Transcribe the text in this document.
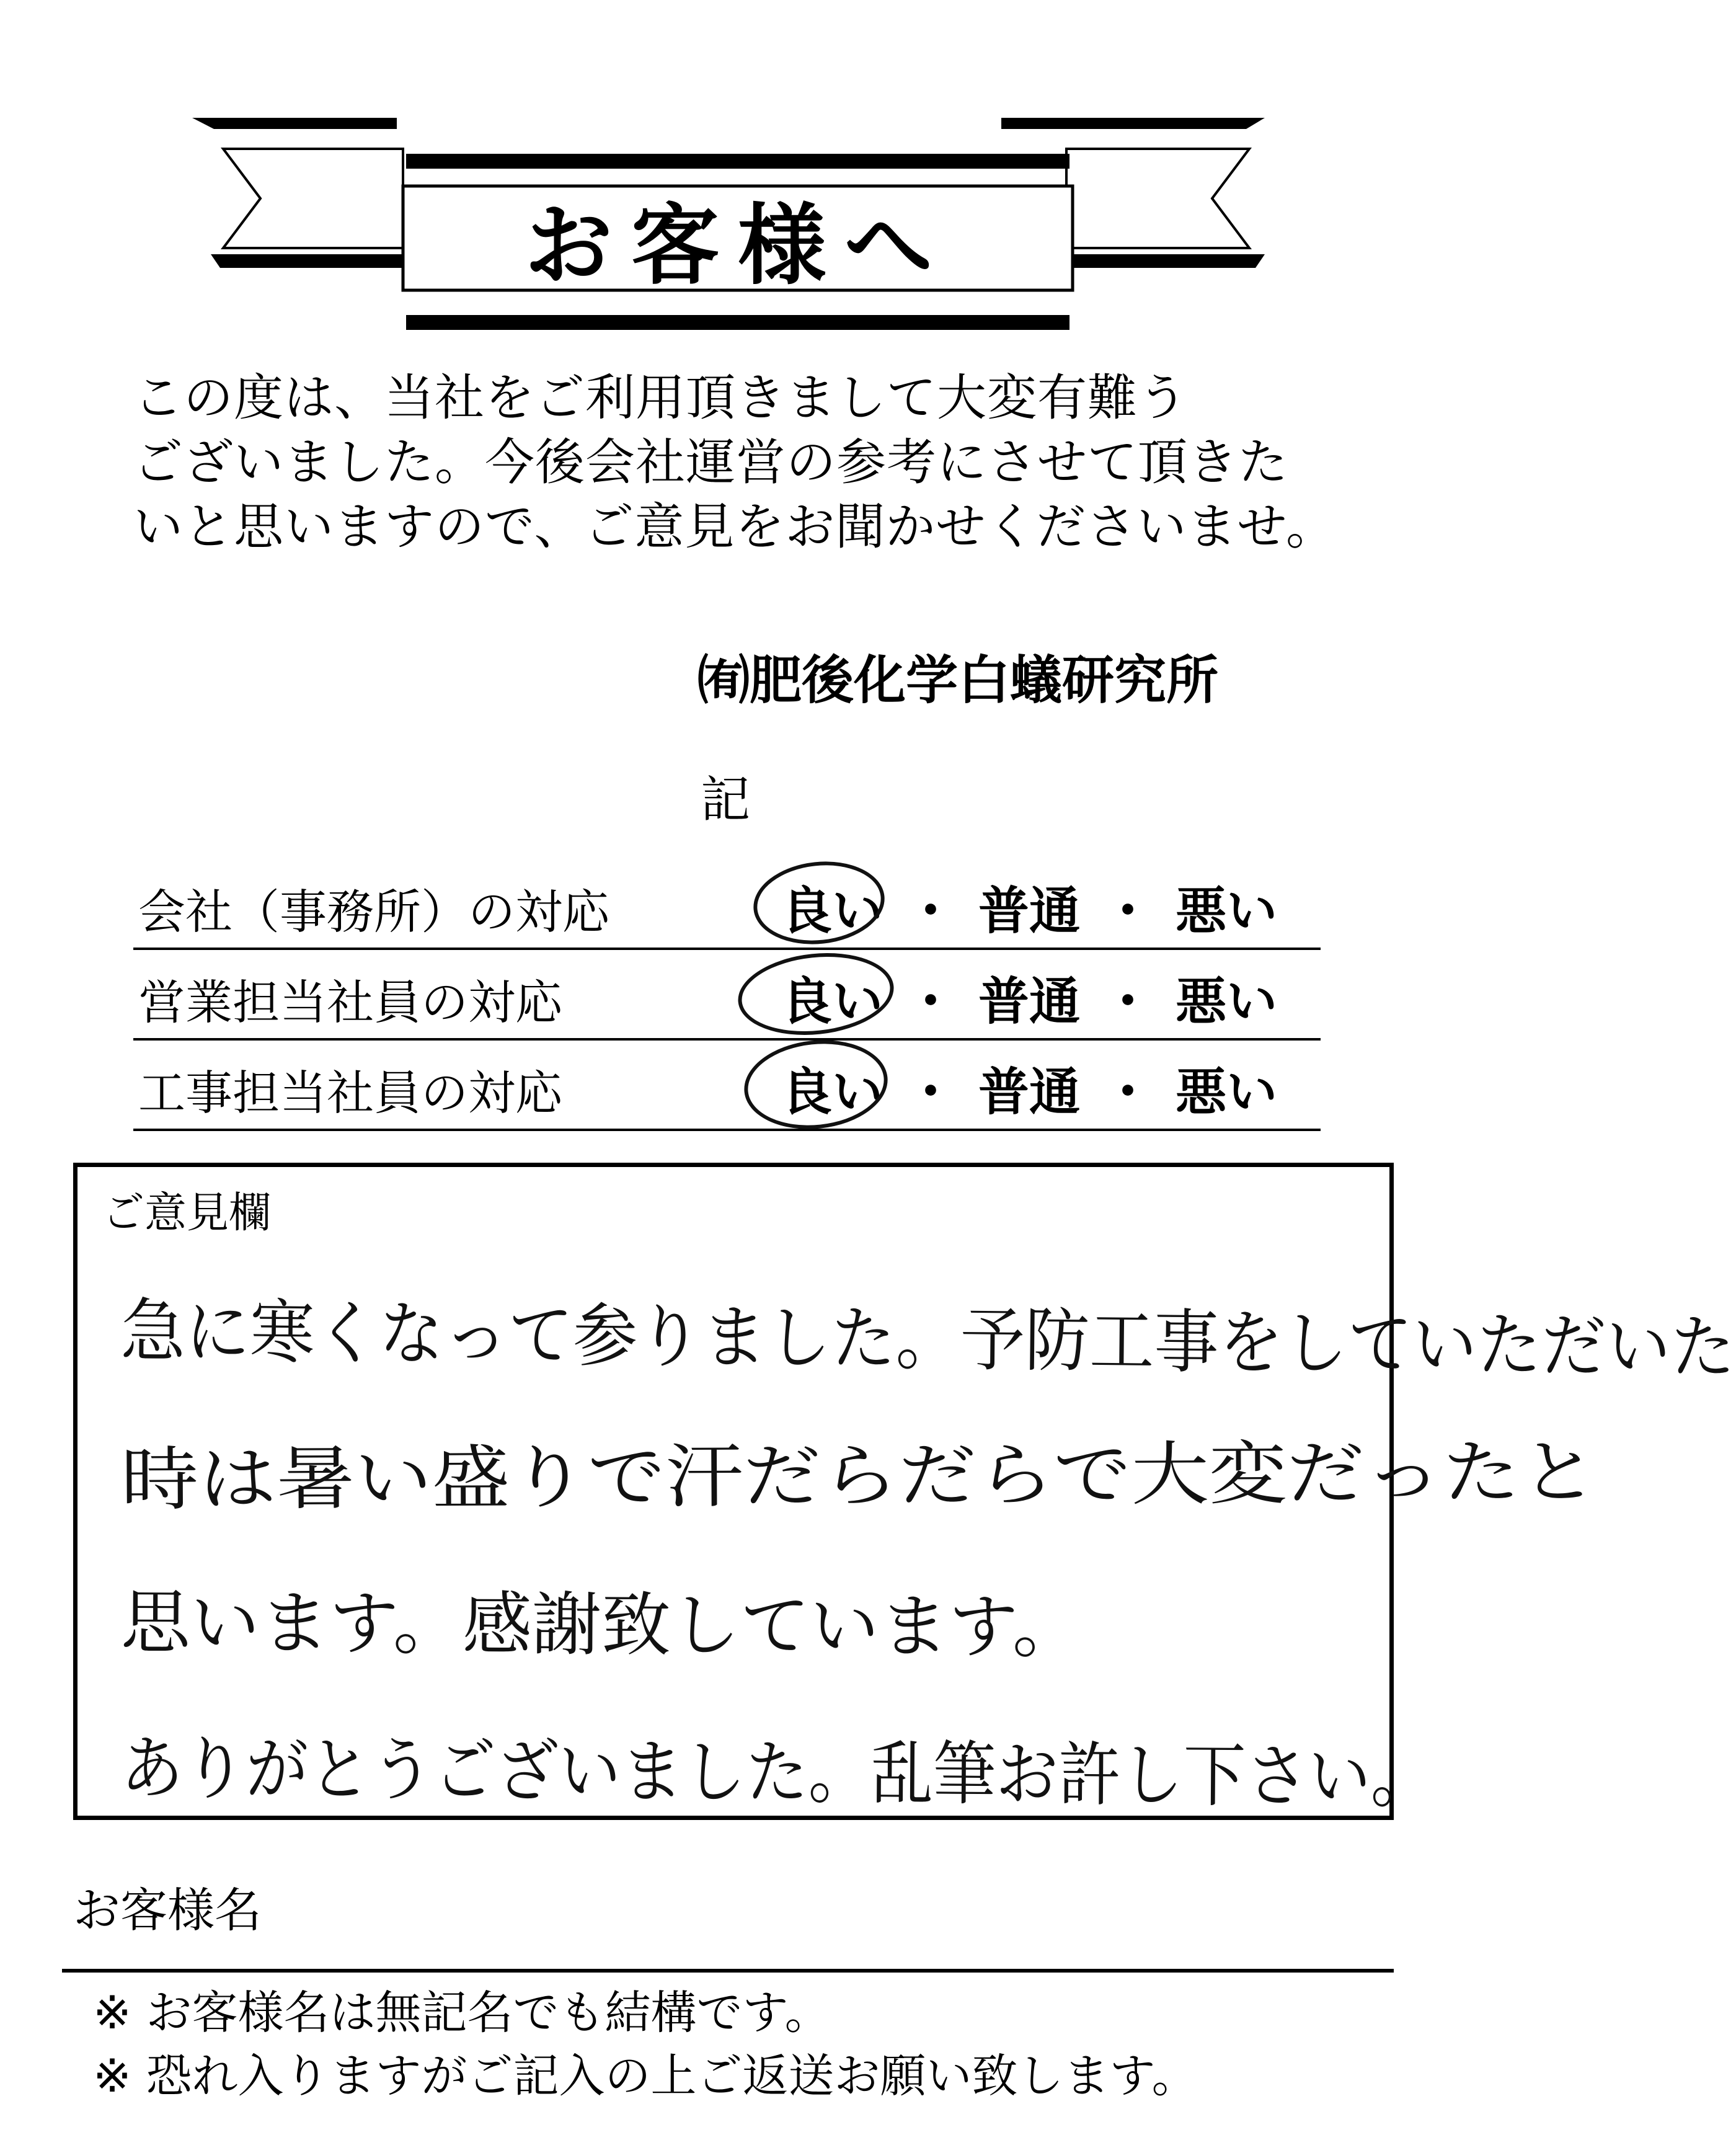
お客様へ
この度は、当社をご利用頂きまして大変有難う
ございました。今後会社運営の参考にさせて頂きた
いと思いますので、ご意見をお聞かせくださいませ。
㈲肥後化学白蟻研究所
記
会社（事務所）の対応	良い ・ 普通 ・ 悪い
営業担当社員の対応	良い ・ 普通 ・ 悪い
工事担当社員の対応	良い ・ 普通 ・ 悪い
ご意見欄
急に寒くなって参りました。予防工事をしていただいた
時は暑い盛りで汗だらだらで大変だったと
思います。感謝致しています。
ありがとうございました。乱筆お許し下さい。
お客様名
※ お客様名は無記名でも結構です。
※ 恐れ入りますがご記入の上ご返送お願い致します。
